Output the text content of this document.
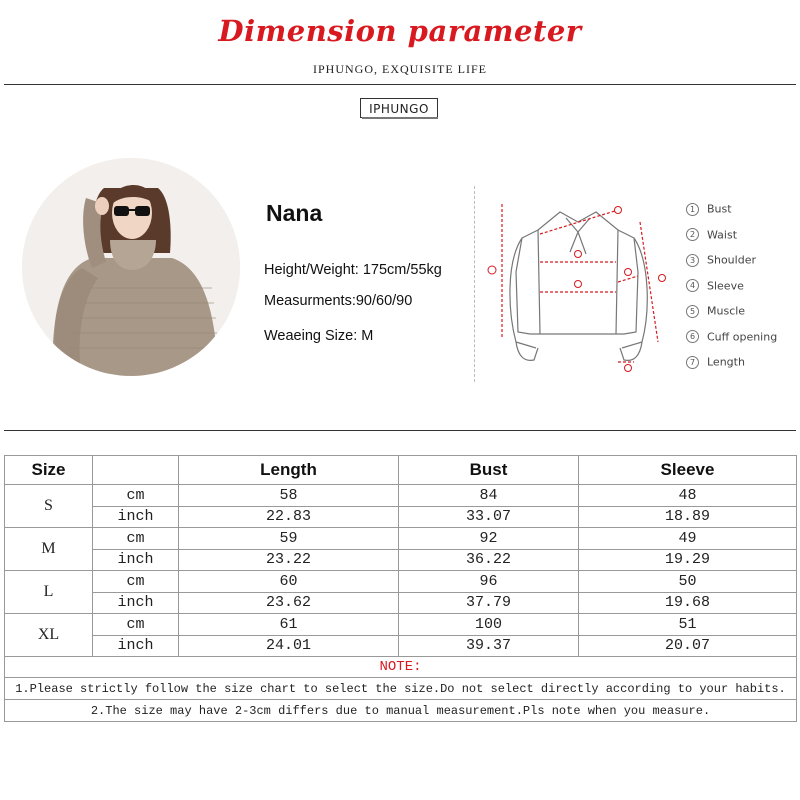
Dimension parameter
IPHUNGO, EXQUISITE LIFE
IPHUNGO
Nana
Height/Weight: 175cm/55kg
Measurments:90/60/90
Weaeing Size: M
1 Bust
2 Waist
3 Shoulder
4 Sleeve
5 Muscle
6 Cuff opening
7 Length
Size		Length	Bust	Sleeve
S	cm	58	84	48
	inch	22.83	33.07	18.89
M	cm	59	92	49
	inch	23.22	36.22	19.29
L	cm	60	96	50
	inch	23.62	37.79	19.68
XL	cm	61	100	51
	inch	24.01	39.37	20.07
NOTE:				
1.Please strictly follow the size chart to select the size.Do not select directly according to your habits.				
2.The size may have 2-3cm differs due to manual measurement.Pls note when you measure.				
